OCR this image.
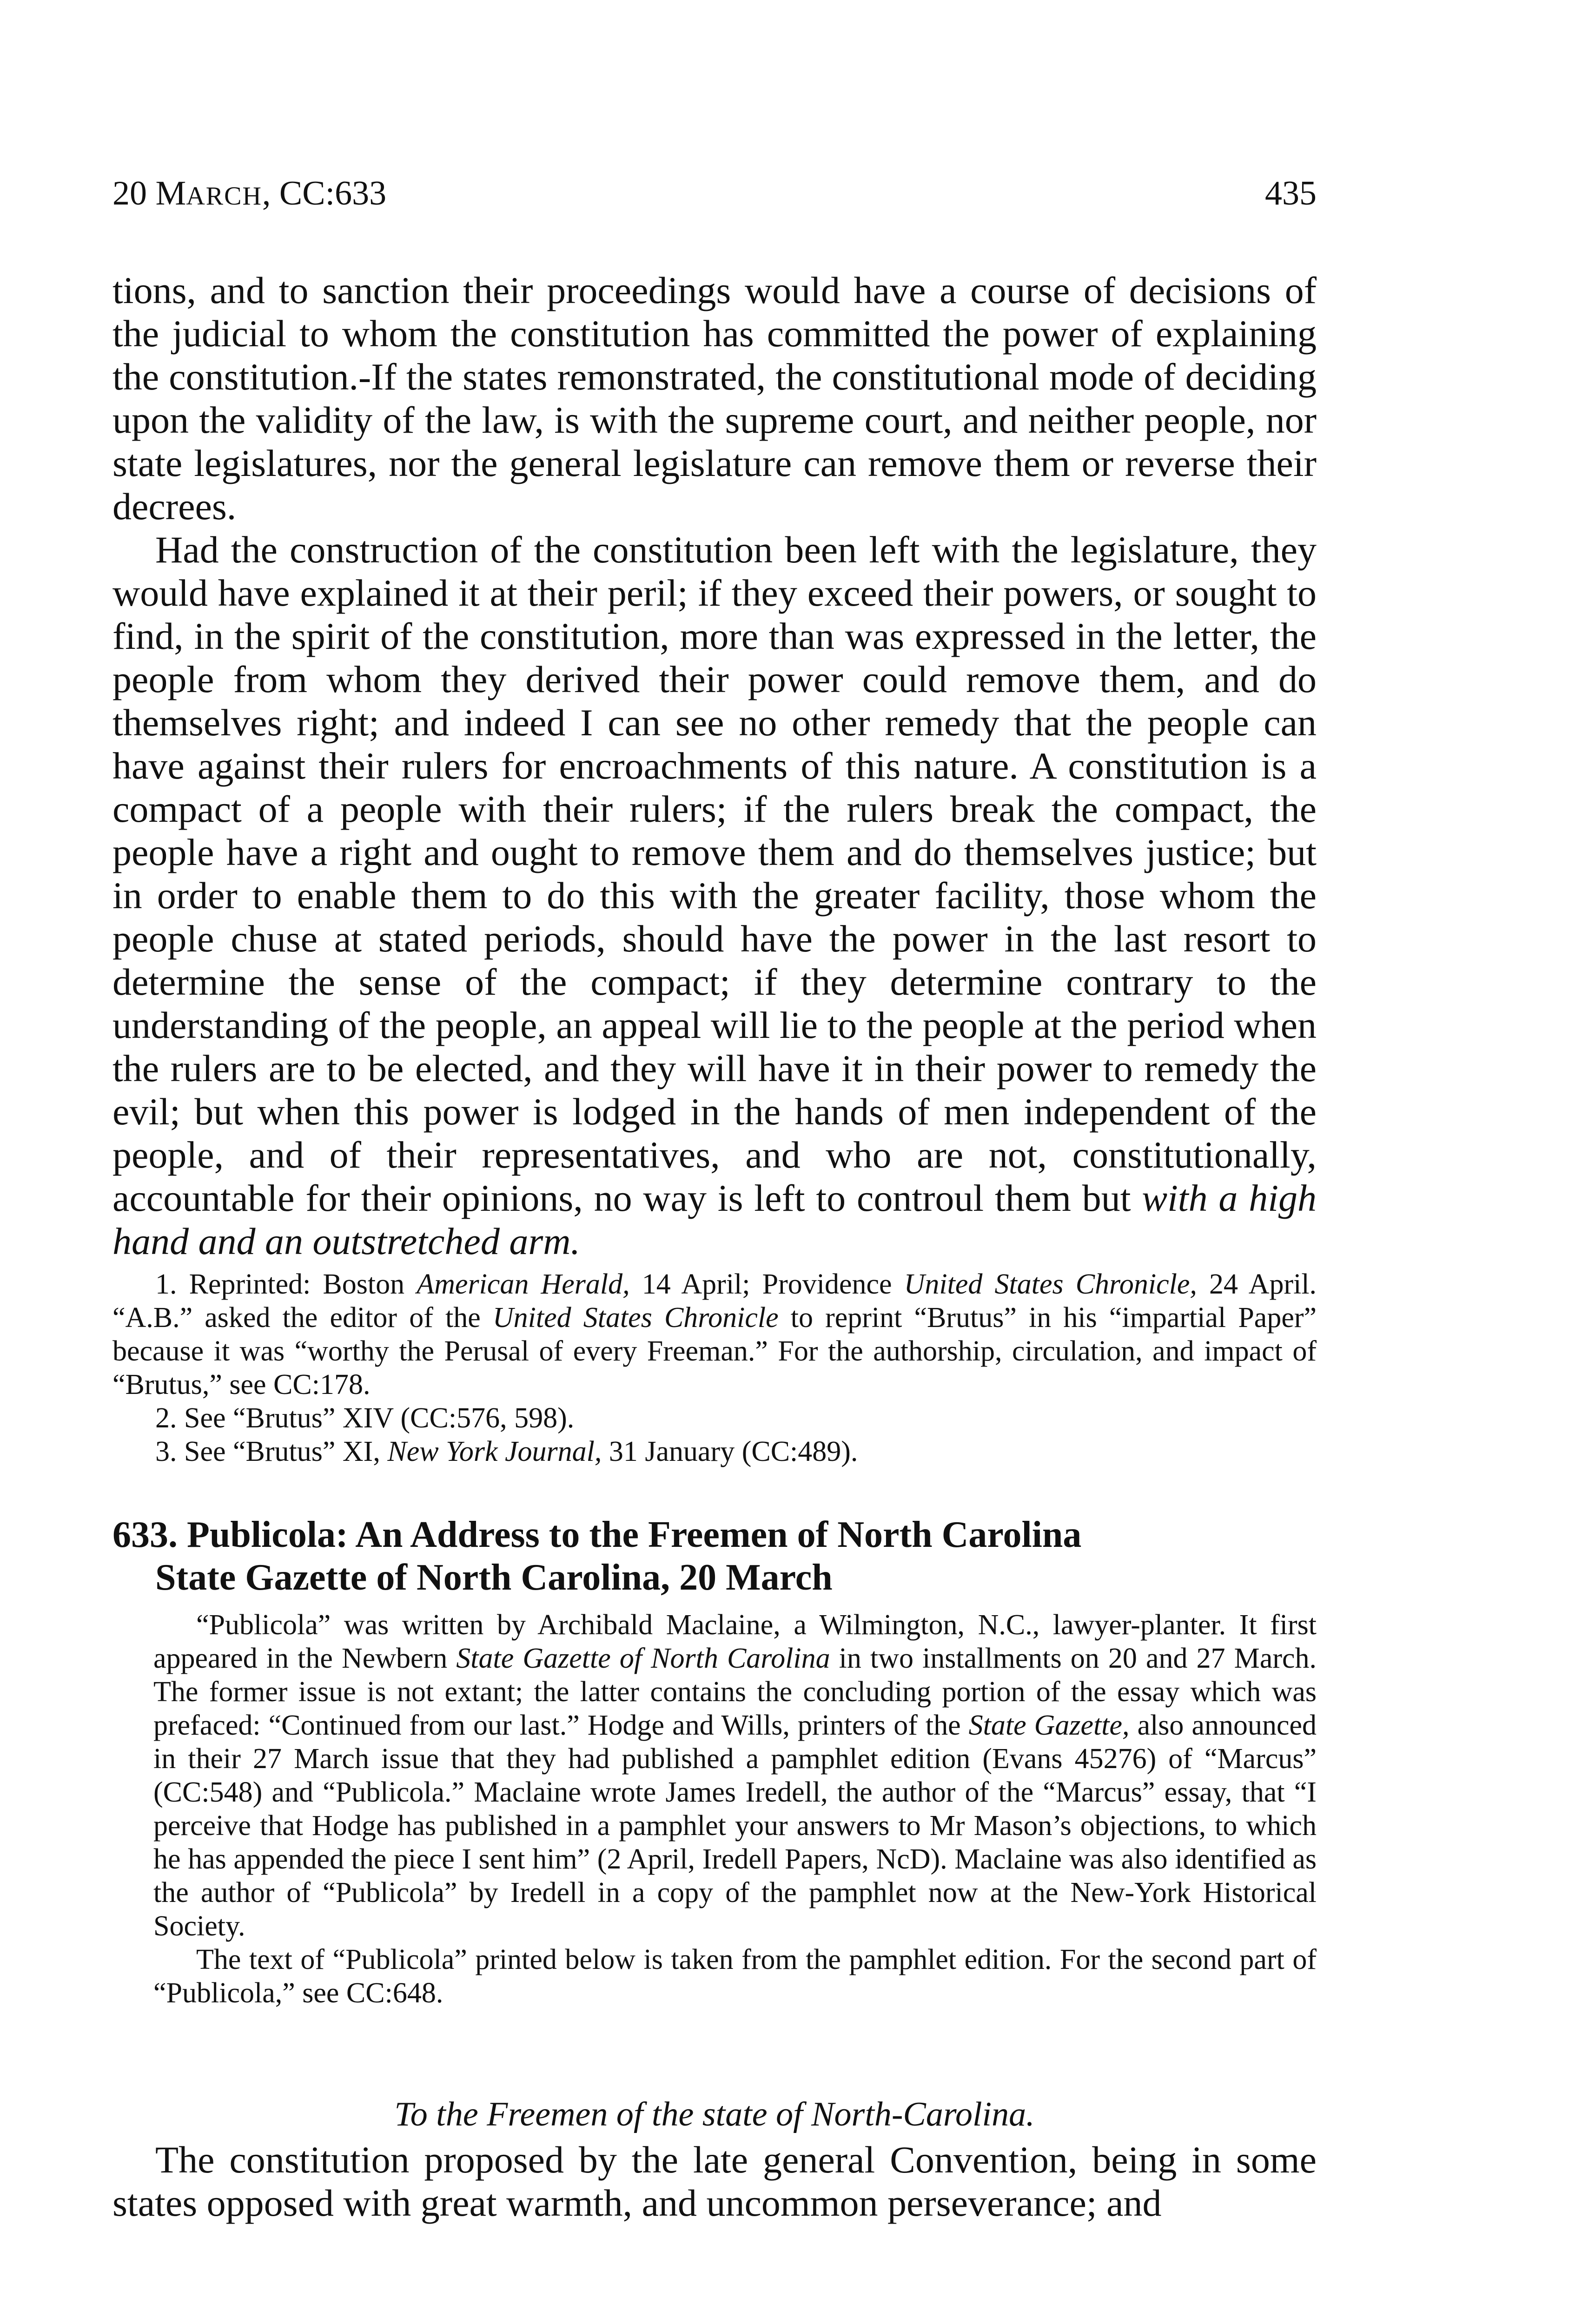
20 MARCH, CC:633	435

tions, and to sanction their proceedings would have a course of decisions of the judicial to whom the constitution has committed the power of explaining the constitution.-If the states remonstrated, the constitutional mode of deciding upon the validity of the law, is with the supreme court, and neither people, nor state legislatures, nor the general legislature can remove them or reverse their decrees.

Had the construction of the constitution been left with the legislature, they would have explained it at their peril; if they exceed their powers, or sought to find, in the spirit of the constitution, more than was expressed in the letter, the people from whom they derived their power could remove them, and do themselves right; and indeed I can see no other remedy that the people can have against their rulers for encroachments of this nature. A constitution is a compact of a people with their rulers; if the rulers break the compact, the people have a right and ought to remove them and do themselves justice; but in order to enable them to do this with the greater facility, those whom the people chuse at stated periods, should have the power in the last resort to determine the sense of the compact; if they determine contrary to the understanding of the people, an appeal will lie to the people at the period when the rulers are to be elected, and they will have it in their power to remedy the evil; but when this power is lodged in the hands of men independent of the people, and of their representatives, and who are not, constitutionally, accountable for their opinions, no way is left to controul them but with a high hand and an outstretched arm.

1. Reprinted: Boston American Herald, 14 April; Providence United States Chronicle, 24 April. “A.B.” asked the editor of the United States Chronicle to reprint “Brutus” in his “impartial Paper” because it was “worthy the Perusal of every Freeman.” For the authorship, circulation, and impact of “Brutus,” see CC:178.

2. See “Brutus” XIV (CC:576, 598).

3. See “Brutus” XI, New York Journal, 31 January (CC:489).

633. Publicola: An Address to the Freemen of North Carolina
State Gazette of North Carolina, 20 March

“Publicola” was written by Archibald Maclaine, a Wilmington, N.C., lawyer-planter. It first appeared in the Newbern State Gazette of North Carolina in two installments on 20 and 27 March. The former issue is not extant; the latter contains the concluding portion of the essay which was prefaced: “Continued from our last.” Hodge and Wills, printers of the State Gazette, also announced in their 27 March issue that they had published a pamphlet edition (Evans 45276) of “Marcus” (CC:548) and “Publicola.” Maclaine wrote James Iredell, the author of the “Marcus” essay, that “I perceive that Hodge has published in a pamphlet your answers to Mr Mason’s objections, to which he has appended the piece I sent him” (2 April, Iredell Papers, NcD). Maclaine was also identified as the author of “Publicola” by Iredell in a copy of the pamphlet now at the New-York Historical Society.

The text of “Publicola” printed below is taken from the pamphlet edition. For the second part of “Publicola,” see CC:648.

To the Freemen of the state of North-Carolina.

The constitution proposed by the late general Convention, being in some states opposed with great warmth, and uncommon perseverance; and
